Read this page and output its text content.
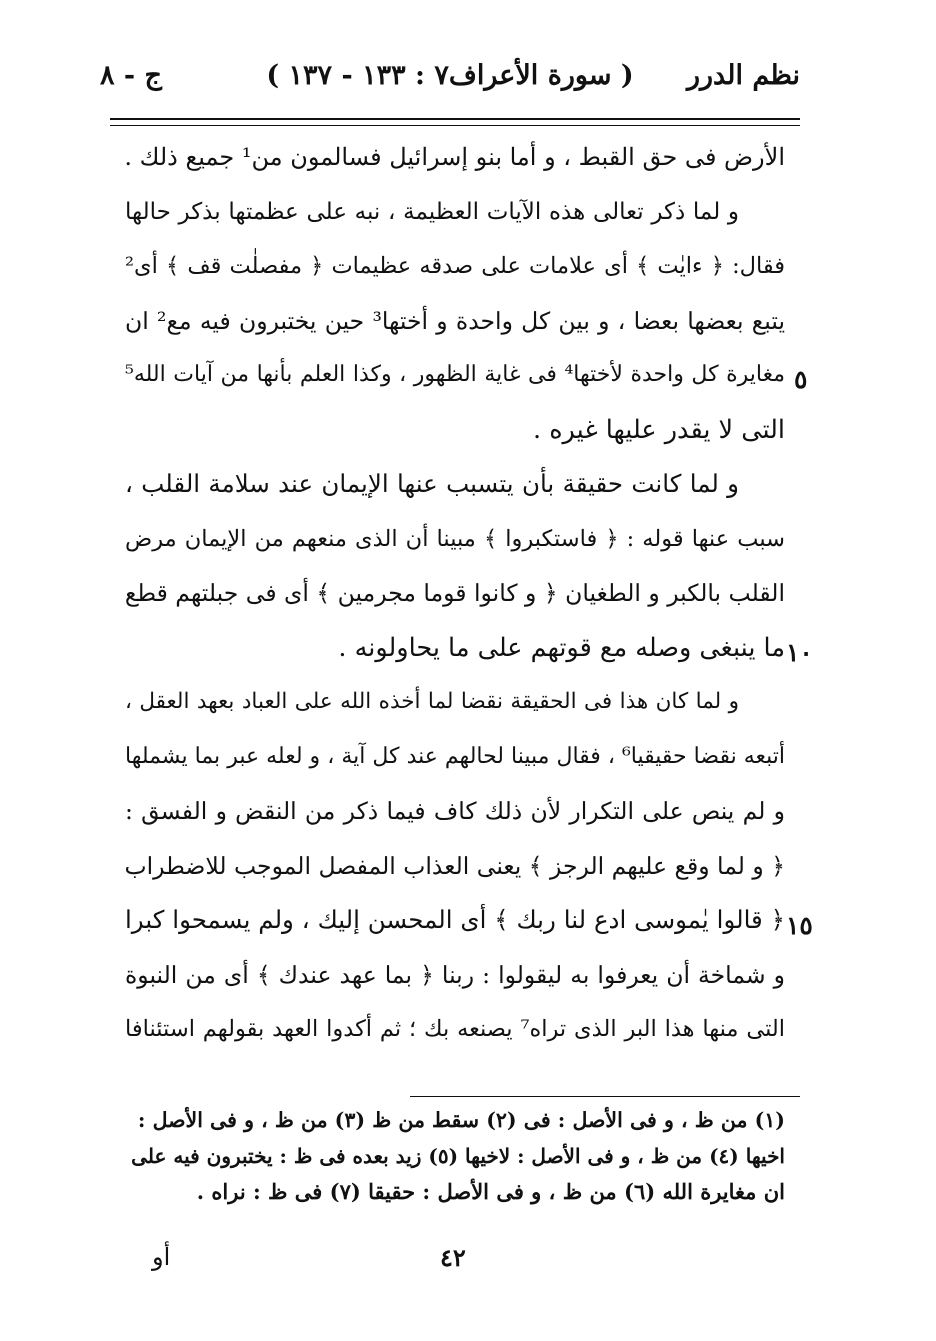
نظم الدرر
( سورة الأعراف٧ : ١٣٣ - ١٣٧ )
ج - ٨
الأرض فى حق القبط ، و أما بنو إسرائيل فسالمون من¹ جميع ذلك .
و لما ذكر تعالى هذه الآيات العظيمة ، نبه على عظمتها بذكر حالها
فقال: ﴿ ءايٰت ﴾ أى علامات على صدقه عظيمات ﴿ مفصلٰت ﻗﻒ ﴾ أى²
يتبع بعضها بعضا ، و بين كل واحدة و أختها³ حين يختبرون فيه مع² ان
مغايرة كل واحدة لأختها⁴ فى غاية الظهور ، وكذا العلم بأنها من آيات الله⁵
التى لا يقدر عليها غيره .
و لما كانت حقيقة بأن يتسبب عنها الإيمان عند سلامة القلب ،
سبب عنها قوله : ﴿ فاستكبروا ﴾ مبينا أن الذى منعهم من الإيمان مرض
القلب بالكبر و الطغيان ﴿ و كانوا قوما مجرمين ﴾ أى فى جبلتهم قطع
ما ينبغى وصله مع قوتهم على ما يحاولونه .
و لما كان هذا فى الحقيقة نقضا لما أخذه الله على العباد بعهد العقل ،
أتبعه نقضا حقيقيا⁶ ، فقال مبينا لحالهم عند كل آية ، و لعله عبر بما يشملها
و لم ينص على التكرار لأن ذلك كاف فيما ذكر من النقض و الفسق :
﴿ و لما وقع عليهم الرجز ﴾ يعنى العذاب المفصل الموجب للاضطراب
﴿ قالوا يٰموسى ادع لنا ربك ﴾ أى المحسن إليك ، ولم يسمحوا كبرا
و شماخة أن يعرفوا به ليقولوا : ربنا ﴿ بما عهد عندك ﴾ أى من النبوة
التى منها هذا البر الذى تراه⁷ يصنعه بك ؛ ثم أكدوا العهد بقولهم استئنافا
٥
١٠
١٥
(١) من ظ ، و فى الأصل : فى (٢) سقط من ظ (٣) من ظ ، و فى الأصل :
اخيها (٤) من ظ ، و فى الأصل : لاخيها (٥) زيد بعده فى ظ : يختبرون فيه على
ان مغايرة الله (٦) من ظ ، و فى الأصل : حقيقا (٧) فى ظ : نراه .
٤٢
أو
